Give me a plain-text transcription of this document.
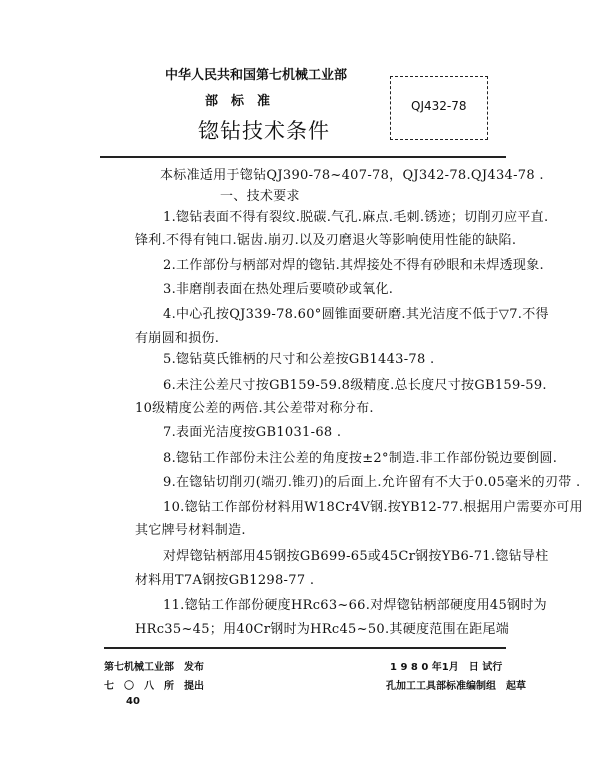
中华人民共和国第七机械工业部
部　标　准
锪钻技术条件
QJ432-78
本标准适用于锪钻QJ390-78~407-78，QJ342-78.QJ434-78 .
一、技术要求
1.锪钻表面不得有裂纹.脱碳.气孔.麻点.毛刺.锈迹；切削刃应平直.
锋利.不得有钝口.锯齿.崩刃.以及刃磨退火等影响使用性能的缺陷.
2.工作部份与柄部对焊的锪钻.其焊接处不得有砂眼和未焊透现象.
3.非磨削表面在热处理后要喷砂或氧化.
4.中心孔按QJ339-78.60°圆锥面要研磨.其光洁度不低于▽7.不得
有崩圆和损伤.
5.锪钻莫氏锥柄的尺寸和公差按GB1443-78 .
6.未注公差尺寸按GB159-59.8级精度.总长度尺寸按GB159-59.
10级精度公差的两倍.其公差带对称分布.
7.表面光洁度按GB1031-68 .
8.锪钻工作部份未注公差的角度按±2°制造.非工作部份锐边要倒圆.
9.在锪钻切削刃(端刃.锥刃)的后面上.允许留有不大于0.05毫米的刃带 .
10.锪钻工作部份材料用W18Cr4V钢.按YB12-77.根据用户需要亦可用
其它牌号材料制造.
对焊锪钻柄部用45钢按GB699-65或45Cr钢按YB6-71.锪钻导柱
材料用T7A钢按GB1298-77 .
11.锪钻工作部份硬度HRc63~66.对焊锪钻柄部硬度用45钢时为
HRc35~45；用40Cr钢时为HRc45~50.其硬度范围在距尾端
第七机械工业部　发布
七　〇　八　所　提出
40
1 9 8 0 年1月　日 试行
孔加工工具部标准编制组　起草
